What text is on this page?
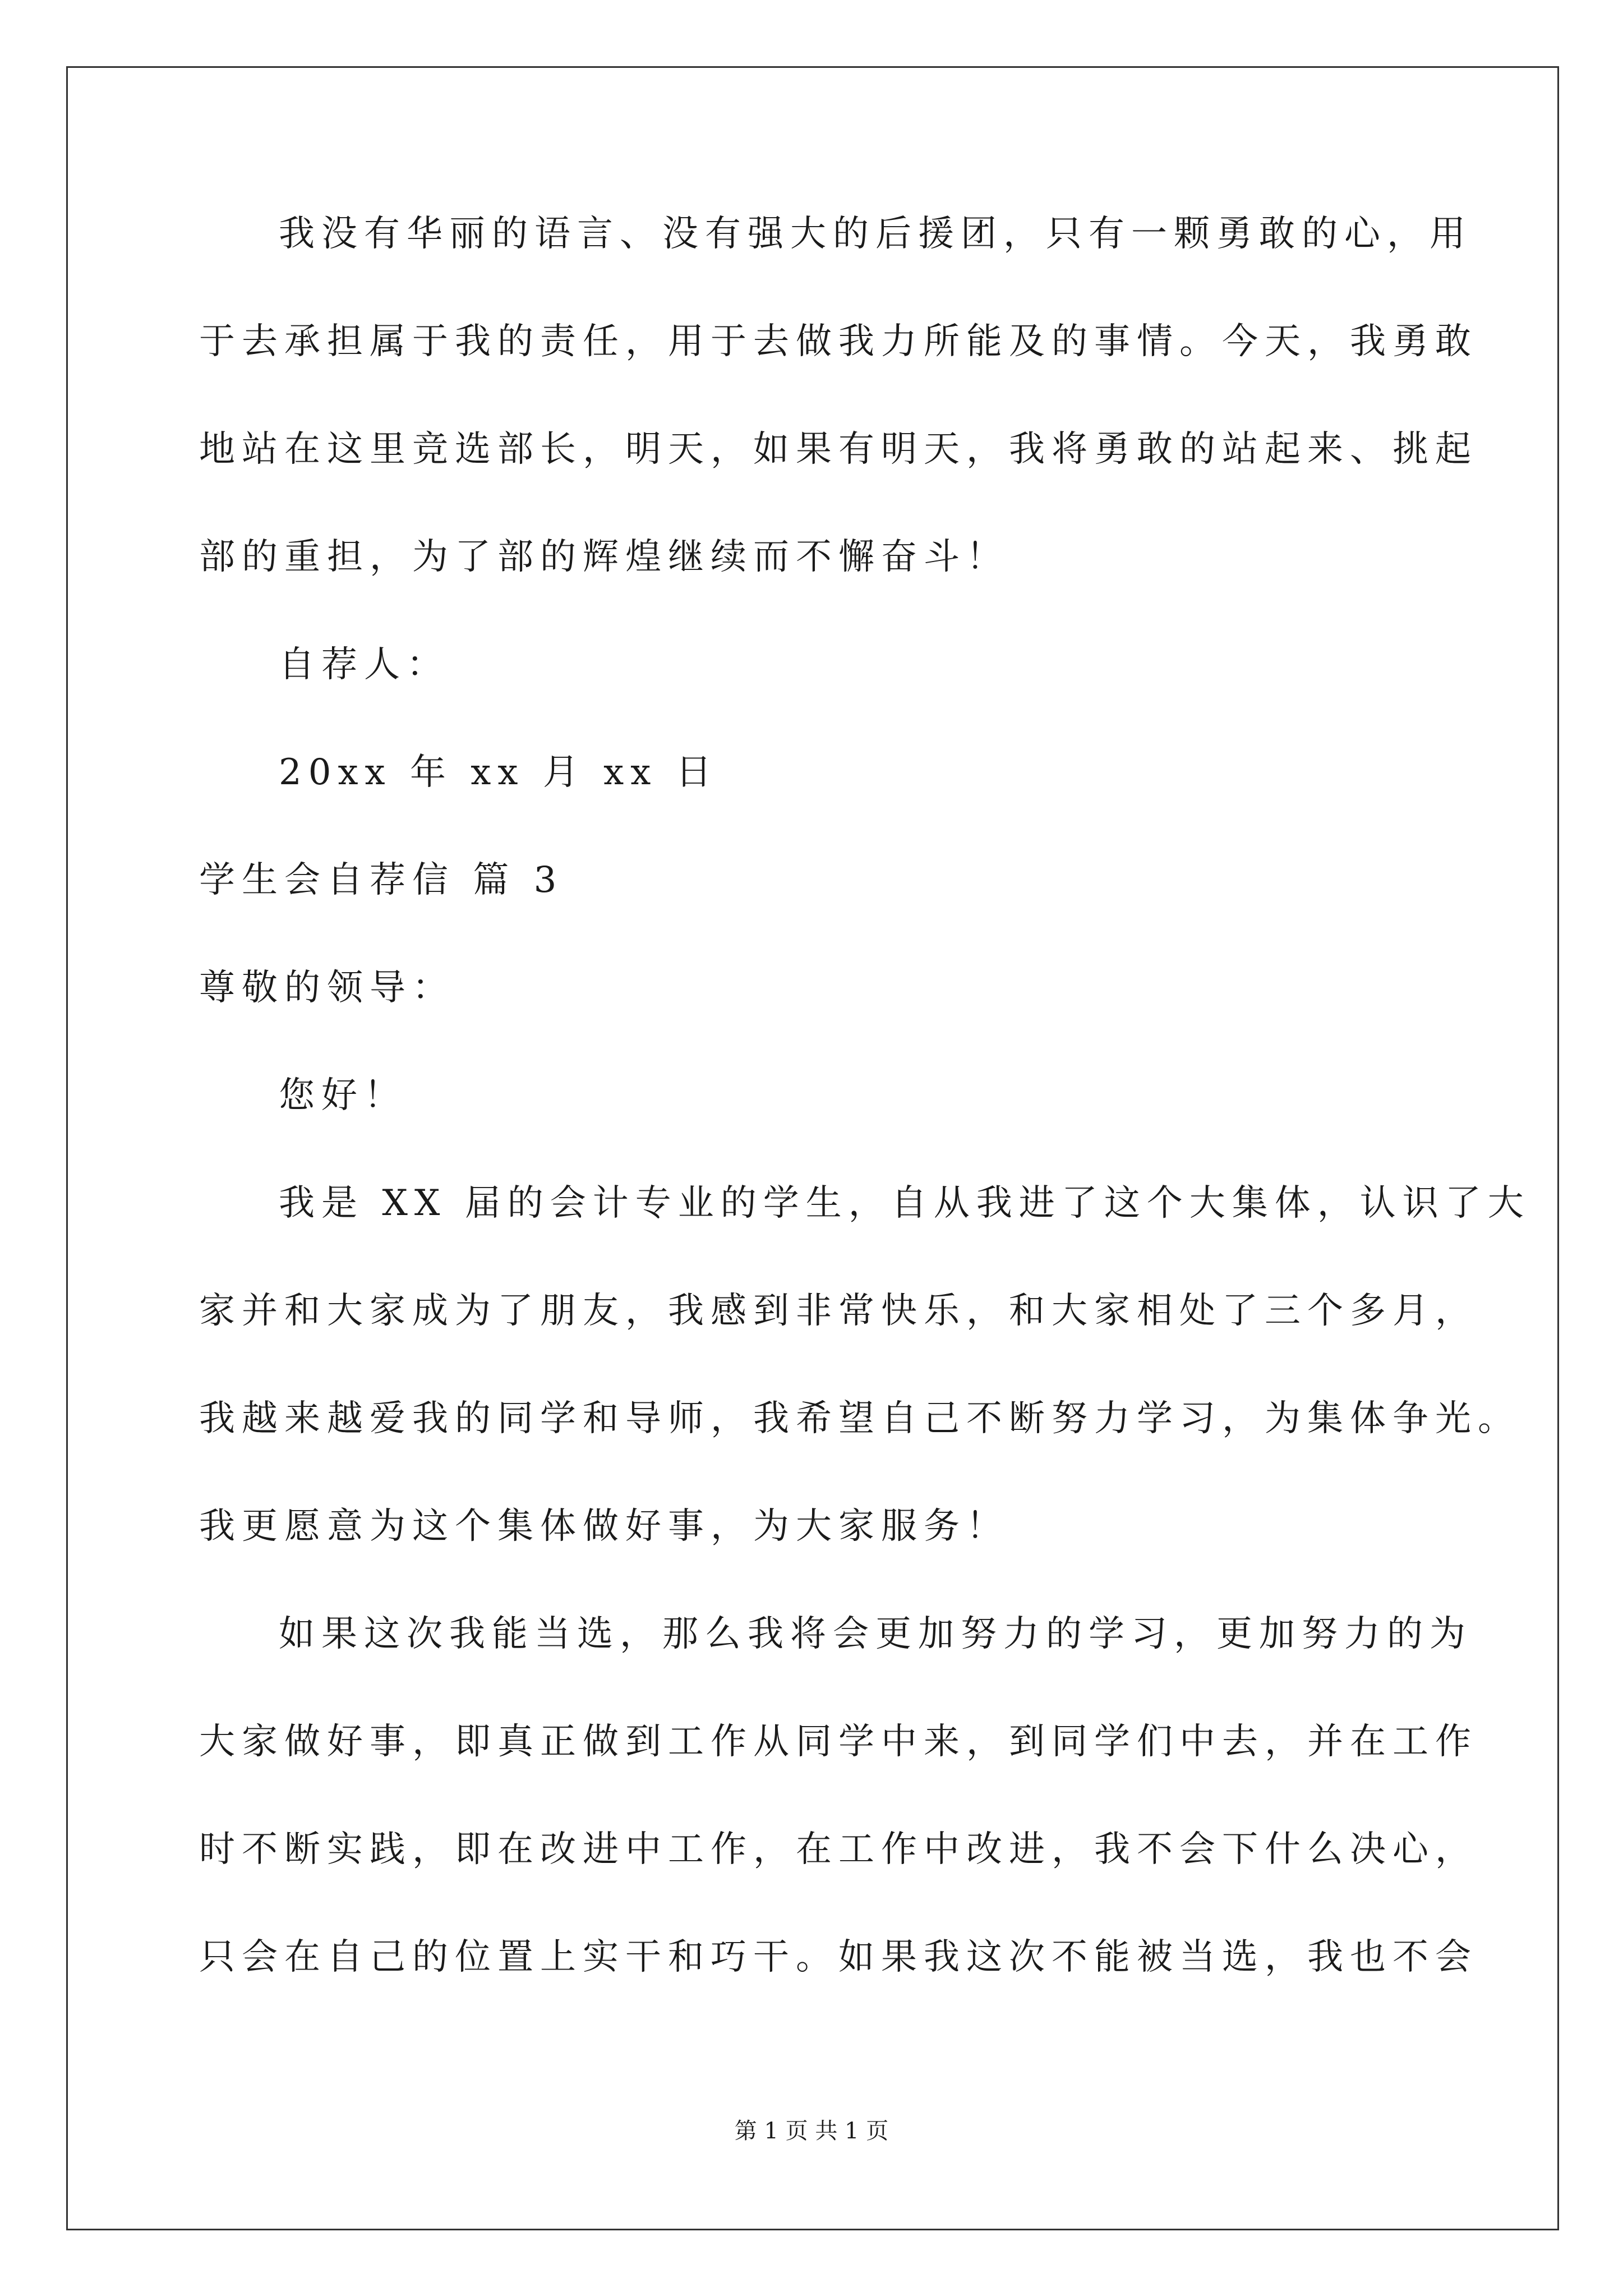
我没有华丽的语言、没有强大的后援团，只有一颗勇敢的心，用
于去承担属于我的责任，用于去做我力所能及的事情。今天，我勇敢
地站在这里竞选部长，明天，如果有明天，我将勇敢的站起来、挑起
部的重担，为了部的辉煌继续而不懈奋斗！
自荐人：
20xx 年 xx 月 xx 日
学生会自荐信 篇 3
尊敬的领导：
您好！
我是 XX 届的会计专业的学生，自从我进了这个大集体，认识了大
家并和大家成为了朋友，我感到非常快乐，和大家相处了三个多月，
我越来越爱我的同学和导师，我希望自己不断努力学习，为集体争光。
我更愿意为这个集体做好事，为大家服务！
如果这次我能当选，那么我将会更加努力的学习，更加努力的为
大家做好事，即真正做到工作从同学中来，到同学们中去，并在工作
时不断实践，即在改进中工作，在工作中改进，我不会下什么决心，
只会在自己的位置上实干和巧干。如果我这次不能被当选，我也不会
第 1 页 共 1 页
